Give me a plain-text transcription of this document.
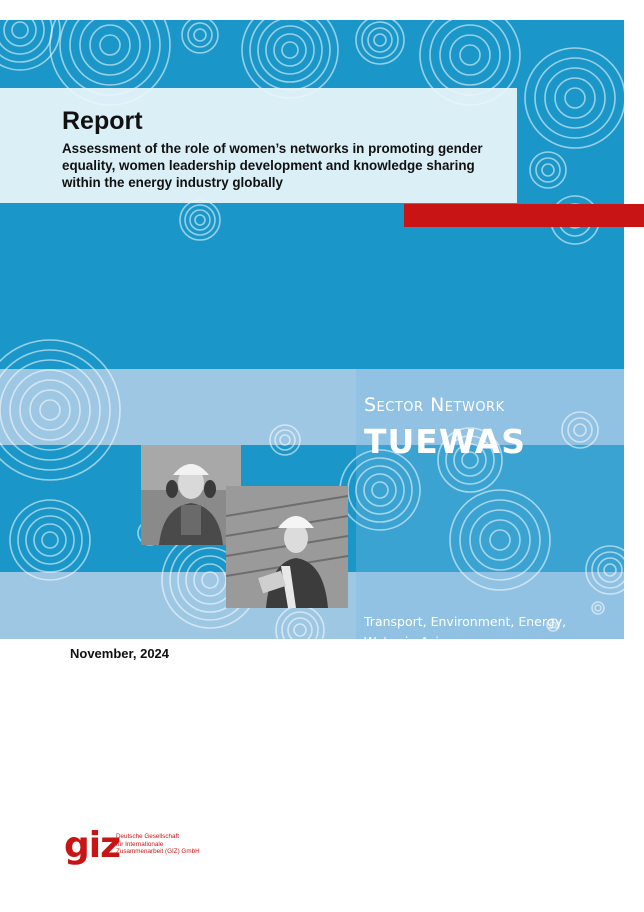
Sector Network
TUEWAS
Transport, Environment, Energy,
Water in Asia
Report
Assessment of the role of women’s networks in promoting gender equality, women leadership development and knowledge sharing within the energy industry globally
November, 2024
giz
Deutsche Gesellschaft
für Internationale
Zusammenarbeit (GIZ) GmbH
